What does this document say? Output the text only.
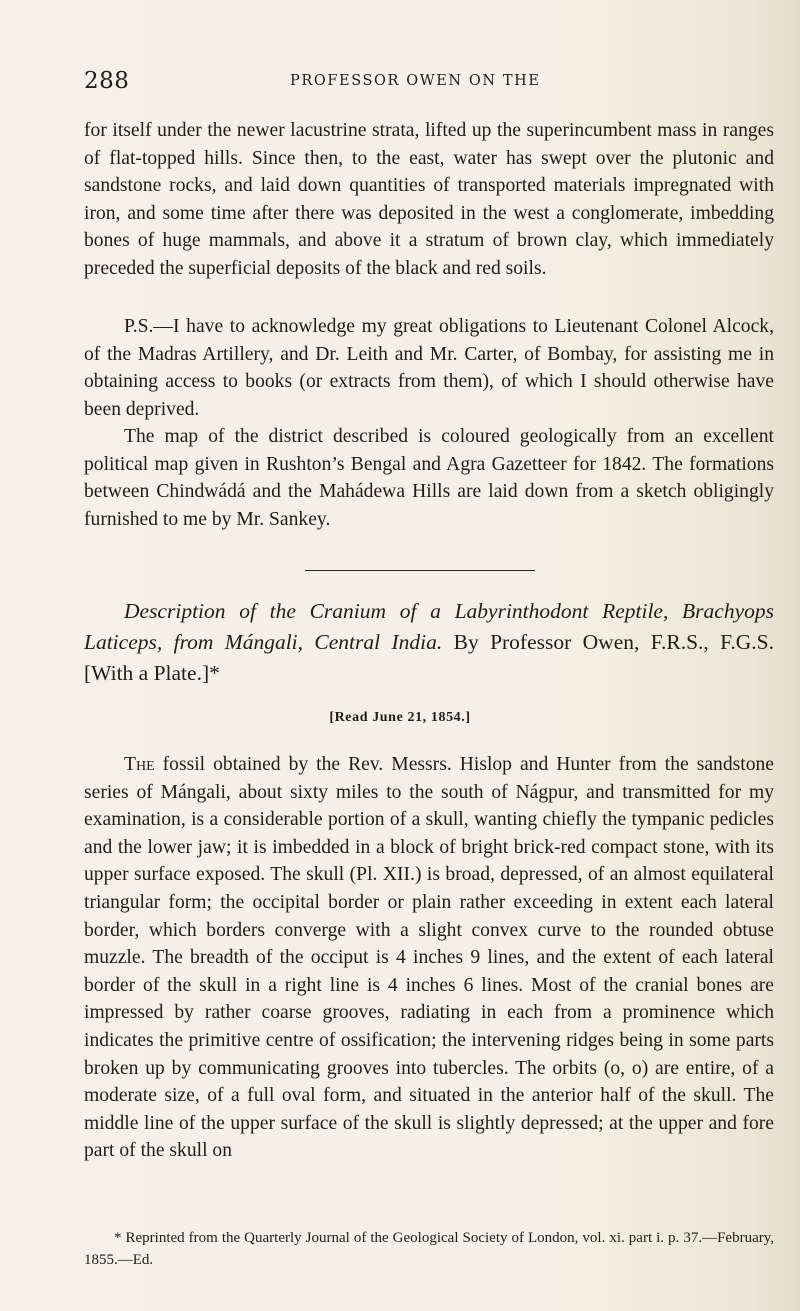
288	PROFESSOR OWEN ON THE

for itself under the newer lacustrine strata, lifted up the superincumbent mass in ranges of flat-topped hills. Since then, to the east, water has swept over the plutonic and sandstone rocks, and laid down quantities of transported materials impregnated with iron, and some time after there was deposited in the west a conglomerate, imbedding bones of huge mammals, and above it a stratum of brown clay, which immediately preceded the superficial deposits of the black and red soils.

P.S.—I have to acknowledge my great obligations to Lieutenant Colonel Alcock, of the Madras Artillery, and Dr. Leith and Mr. Carter, of Bombay, for assisting me in obtaining access to books (or extracts from them), of which I should otherwise have been deprived.

The map of the district described is coloured geologically from an excellent political map given in Rushton’s Bengal and Agra Gazetteer for 1842. The formations between Chindwádá and the Mahádewa Hills are laid down from a sketch obligingly furnished to me by Mr. Sankey.

Description of the Cranium of a Labyrinthodont Reptile, Brachyops Laticeps, from Mángali, Central India. By Professor Owen, F.R.S., F.G.S. [With a Plate.]*
[Read June 21, 1854.]

The fossil obtained by the Rev. Messrs. Hislop and Hunter from the sandstone series of Mángali, about sixty miles to the south of Nágpur, and transmitted for my examination, is a considerable portion of a skull, wanting chiefly the tympanic pedicles and the lower jaw; it is imbedded in a block of bright brick-red compact stone, with its upper surface exposed. The skull (Pl. XII.) is broad, depressed, of an almost equilateral triangular form; the occipital border or plain rather exceeding in extent each lateral border, which borders converge with a slight convex curve to the rounded obtuse muzzle. The breadth of the occiput is 4 inches 9 lines, and the extent of each lateral border of the skull in a right line is 4 inches 6 lines. Most of the cranial bones are impressed by rather coarse grooves, radiating in each from a prominence which indicates the primitive centre of ossification; the intervening ridges being in some parts broken up by communicating grooves into tubercles. The orbits (o, o) are entire, of a moderate size, of a full oval form, and situated in the anterior half of the skull. The middle line of the upper surface of the skull is slightly depressed; at the upper and fore part of the skull on

* Reprinted from the Quarterly Journal of the Geological Society of London, vol. xi. part i. p. 37.—February, 1855.—Ed.
